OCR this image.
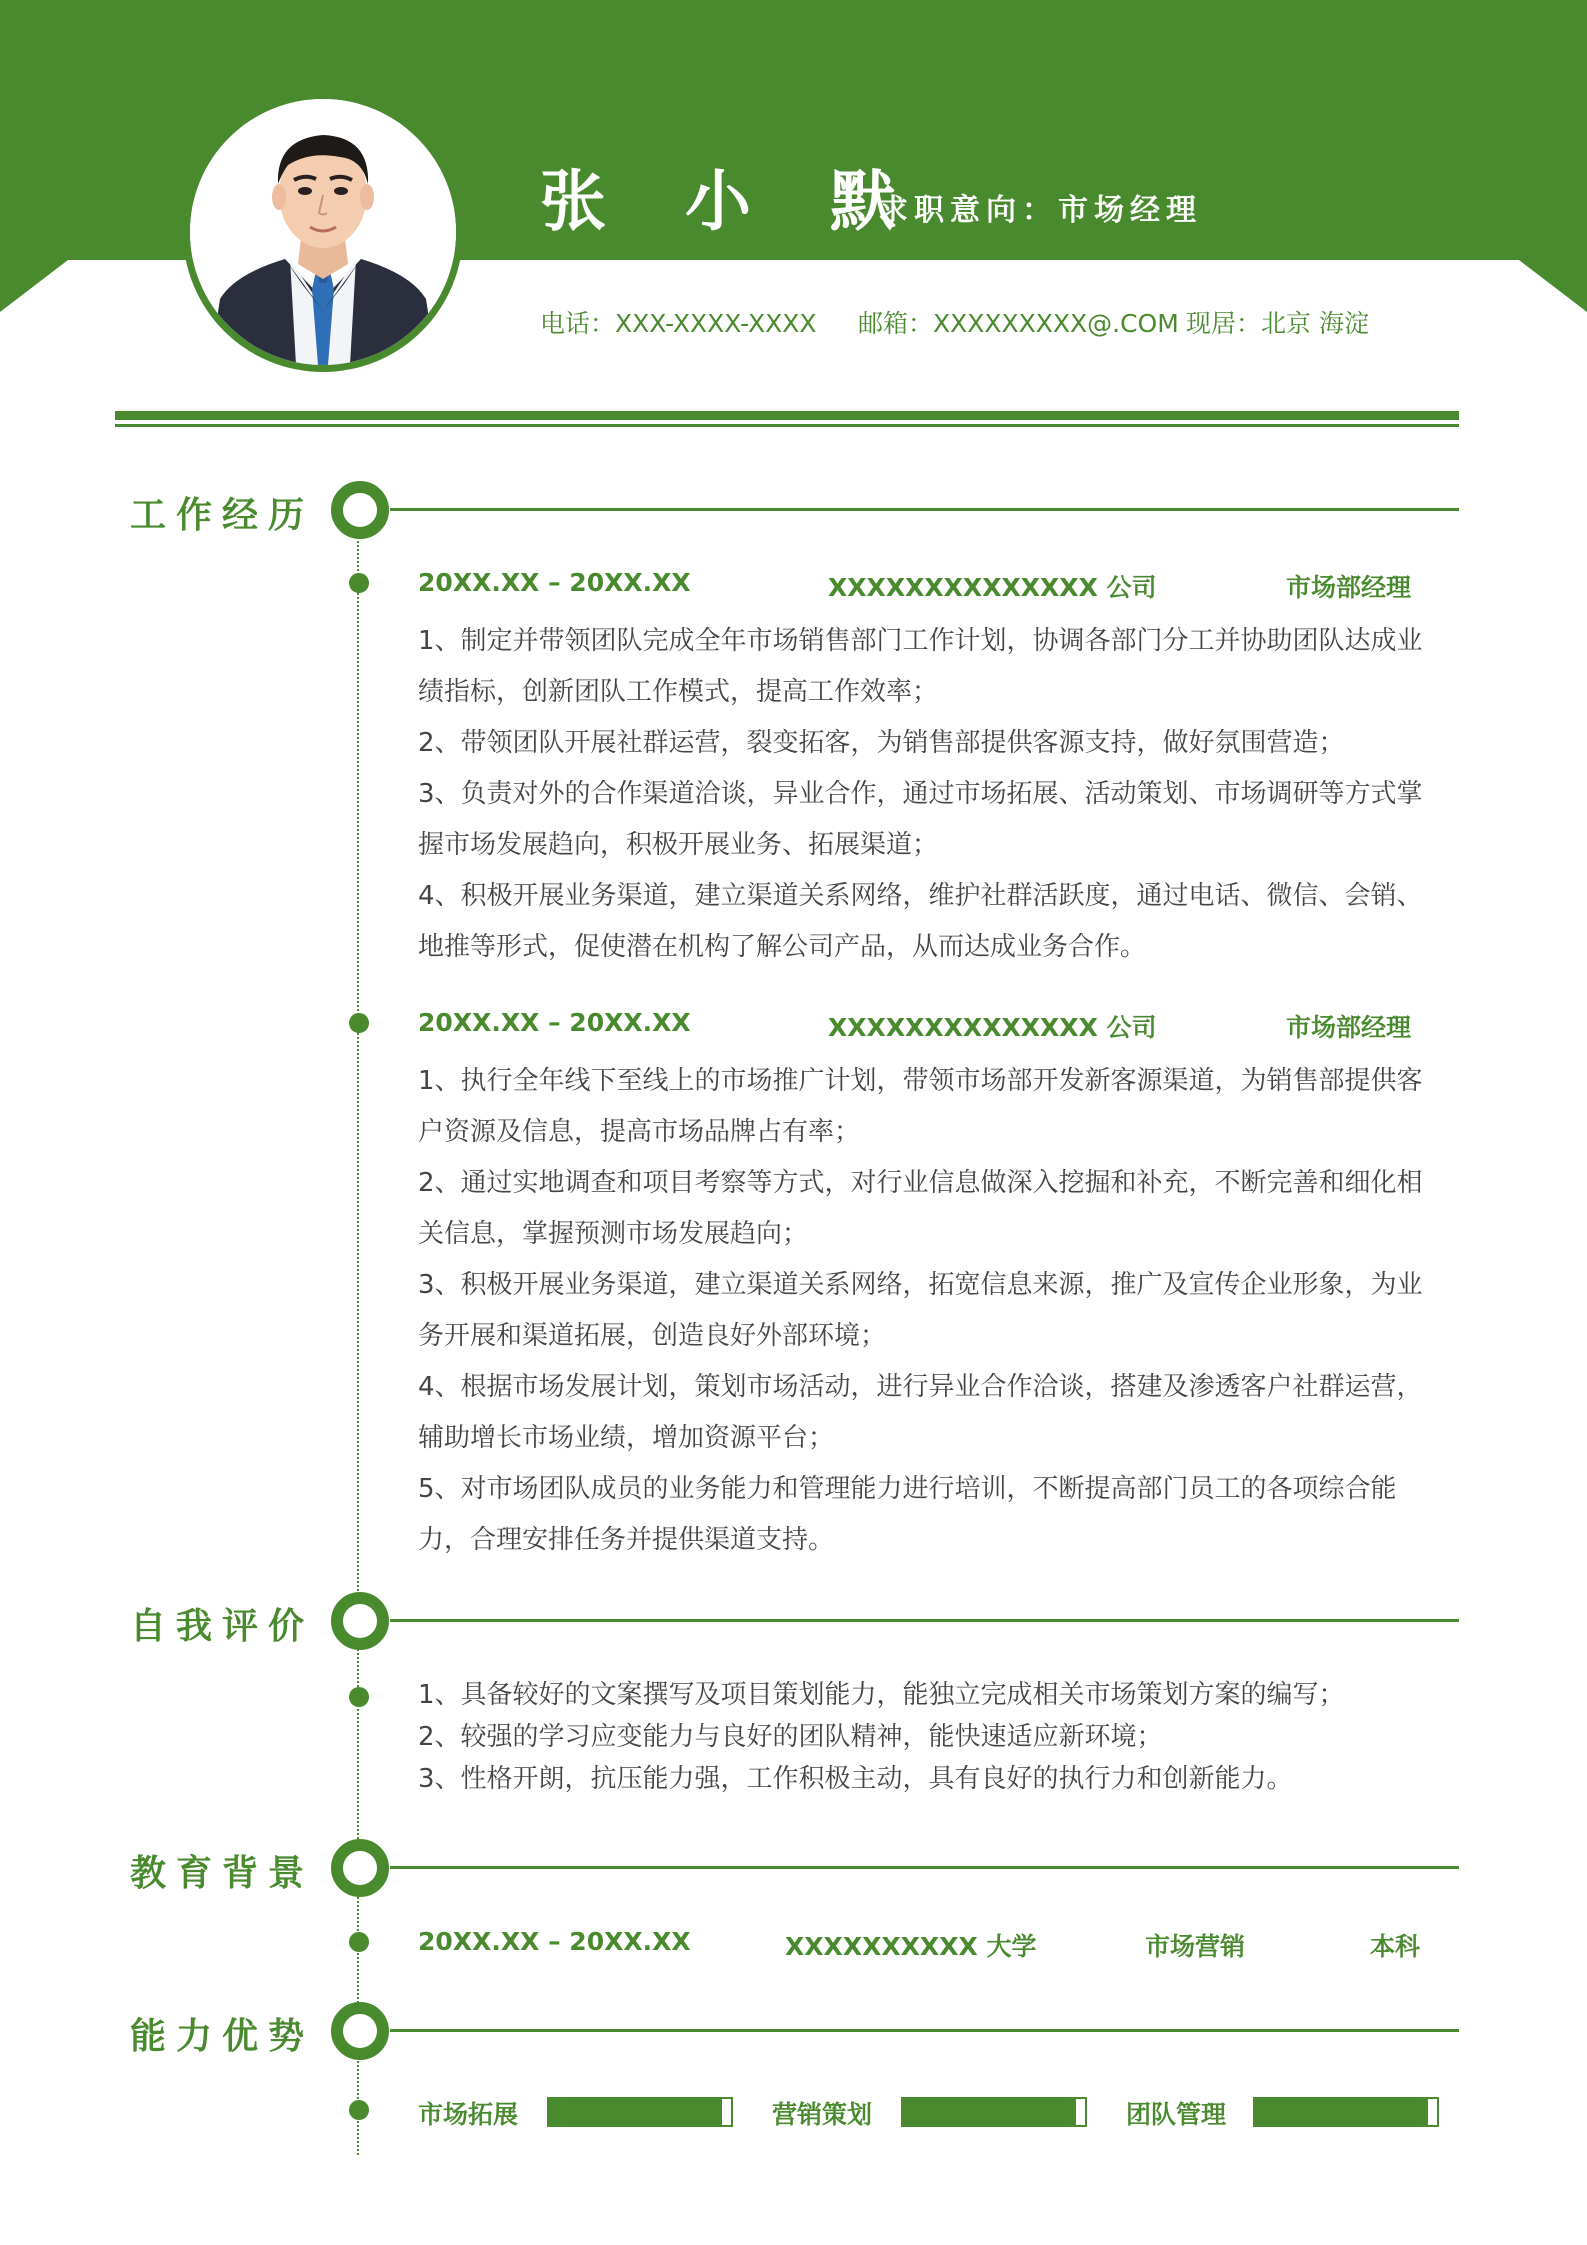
张 小 默
求职意向：市场经理
电话：XXX-XXXX-XXXX 邮箱：XXXXXXXXX@.COM 现居：北京 海淀
工作经历
20XX.XX – 20XX.XX	XXXXXXXXXXXXXX 公司	市场部经理

1、制定并带领团队完成全年市场销售部门工作计划，协调各部门分工并协助团队达成业绩指标，创新团队工作模式，提高工作效率；

2、带领团队开展社群运营，裂变拓客，为销售部提供客源支持，做好氛围营造；

3、负责对外的合作渠道洽谈，异业合作，通过市场拓展、活动策划、市场调研等方式掌握市场发展趋向，积极开展业务、拓展渠道；

4、积极开展业务渠道，建立渠道关系网络，维护社群活跃度，通过电话、微信、会销、地推等形式，促使潜在机构了解公司产品，从而达成业务合作。

20XX.XX – 20XX.XX	XXXXXXXXXXXXXX 公司	市场部经理

1、执行全年线下至线上的市场推广计划，带领市场部开发新客源渠道，为销售部提供客户资源及信息，提高市场品牌占有率；

2、通过实地调查和项目考察等方式，对行业信息做深入挖掘和补充，不断完善和细化相关信息，掌握预测市场发展趋向；

3、积极开展业务渠道，建立渠道关系网络，拓宽信息来源，推广及宣传企业形象，为业务开展和渠道拓展，创造良好外部环境；

4、根据市场发展计划，策划市场活动，进行异业合作洽谈，搭建及渗透客户社群运营，辅助增长市场业绩，增加资源平台；

5、对市场团队成员的业务能力和管理能力进行培训，不断提高部门员工的各项综合能力，合理安排任务并提供渠道支持。

自我评价

1、具备较好的文案撰写及项目策划能力，能独立完成相关市场策划方案的编写；

2、较强的学习应变能力与良好的团队精神，能快速适应新环境；

3、性格开朗，抗压能力强，工作积极主动，具有良好的执行力和创新能力。

教育背景
20XX.XX – 20XX.XX	XXXXXXXXXX 大学	市场营销	本科
能力优势
市场拓展	营销策划	团队管理
